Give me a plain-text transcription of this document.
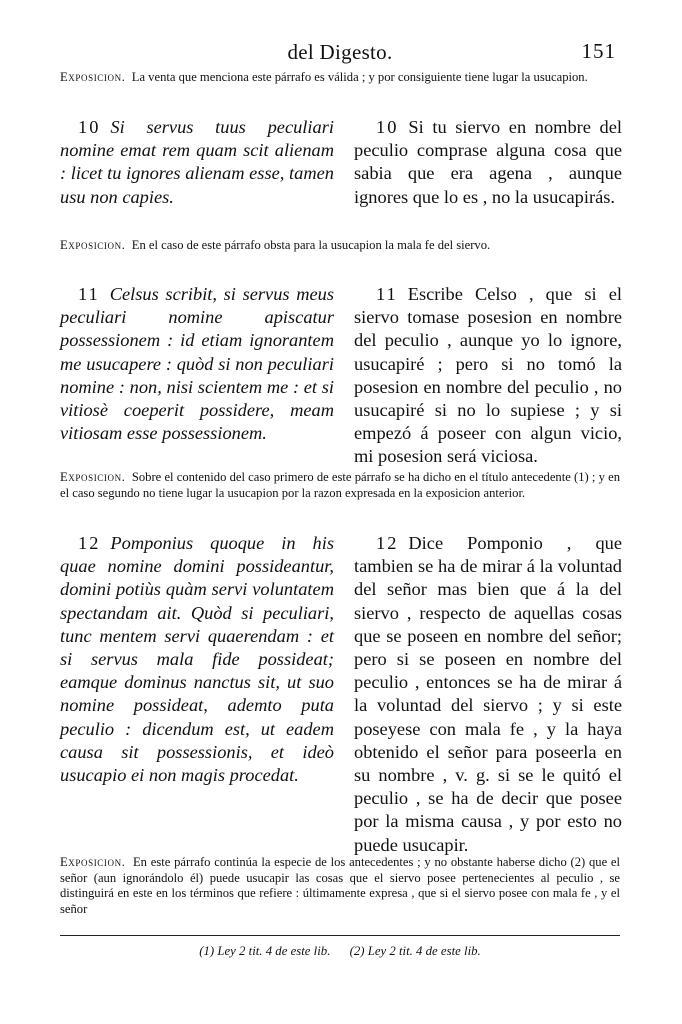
del Digesto.	151
Exposicion. La venta que menciona este párrafo es válida ; y por consiguiente tiene lugar la usucapion.
10 Si servus tuus peculiari nomine emat rem quam scit alienam : licet tu ignores alienam esse, tamen usu non capies.
10 Si tu siervo en nombre del peculio comprase alguna cosa que sabia que era agena , aunque ignores que lo es , no la usucapirás.
Exposicion. En el caso de este párrafo obsta para la usucapion la mala fe del siervo.
11 Celsus scribit, si servus meus peculiari nomine apiscatur possessionem : id etiam ignorantem me usucapere : quòd si non peculiari nomine : non, nisi scientem me : et si vitiosè coeperit possidere, meam vitiosam esse possessionem.
11 Escribe Celso , que si el siervo tomase posesion en nombre del peculio , aunque yo lo ignore, usucapiré ; pero si no tomó la posesion en nombre del peculio , no usucapiré si no lo supiese ; y si empezó á poseer con algun vicio, mi posesion será viciosa.
Exposicion. Sobre el contenido del caso primero de este párrafo se ha dicho en el título antecedente (1) ; y en el caso segundo no tiene lugar la usucapion por la razon expresada en la exposicion anterior.
12 Pomponius quoque in his quae nomine domini possideantur, domini potiùs quàm servi voluntatem spectandam ait. Quòd si peculiari, tunc mentem servi quaerendam : et si servus mala fide possideat; eamque dominus nanctus sit, ut suo nomine possideat, ademto puta peculio : dicendum est, ut eadem causa sit possessionis, et ideò usucapio ei non magis procedat.
12 Dice Pomponio , que tambien se ha de mirar á la voluntad del señor mas bien que á la del siervo , respecto de aquellas cosas que se poseen en nombre del señor; pero si se poseen en nombre del peculio , entonces se ha de mirar á la voluntad del siervo ; y si este poseyese con mala fe , y la haya obtenido el señor para poseerla en su nombre , v. g. si se le quitó el peculio , se ha de decir que posee por la misma causa , y por esto no puede usucapir.
Exposicion. En este párrafo continúa la especie de los antecedentes ; y no obstante haberse dicho (2) que el señor (aun ignorándolo él) puede usucapir las cosas que el siervo posee pertenecientes al peculio , se distinguirá en este en los términos que refiere : últimamente expresa , que si el siervo posee con mala fe , y el señor
(1) Ley 2 tit. 4 de este lib. (2) Ley 2 tit. 4 de este lib.
